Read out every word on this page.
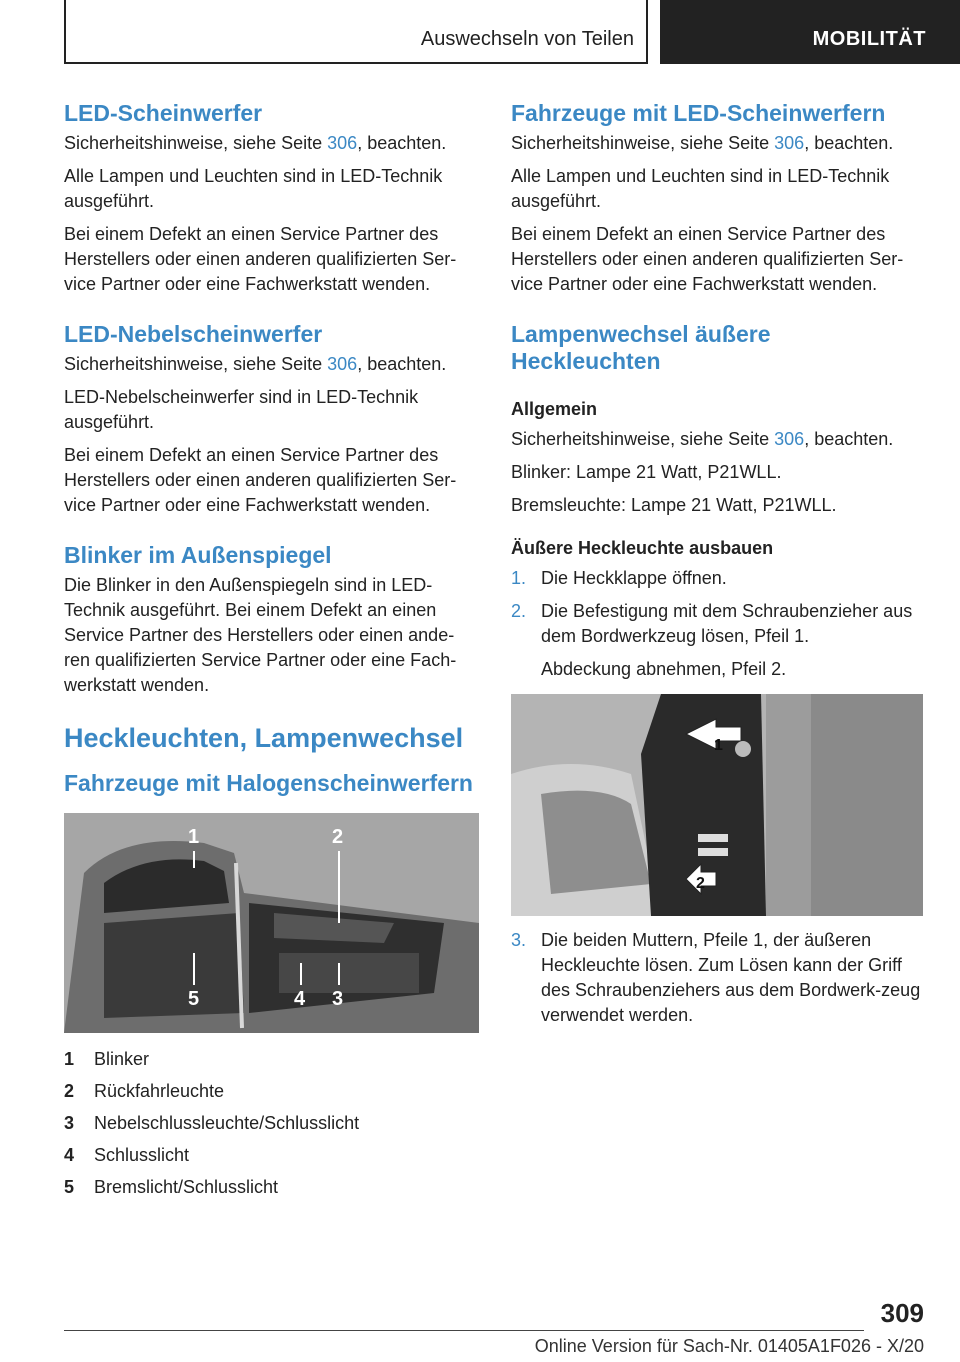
Auswechseln von Teilen	MOBILITÄT
LED-Scheinwerfer

Sicherheitshinweise, siehe Seite 306, beachten.

Alle Lampen und Leuchten sind in LED-Technik ausgeführt.

Bei einem Defekt an einen Service Partner des Herstellers oder einen anderen qualifizierten Ser-vice Partner oder eine Fachwerkstatt wenden.

LED-Nebelscheinwerfer

Sicherheitshinweise, siehe Seite 306, beachten.

LED-Nebelscheinwerfer sind in LED-Technik ausgeführt.

Bei einem Defekt an einen Service Partner des Herstellers oder einen anderen qualifizierten Ser-vice Partner oder eine Fachwerkstatt wenden.

Blinker im Außenspiegel

Die Blinker in den Außenspiegeln sind in LED-Technik ausgeführt. Bei einem Defekt an einen Service Partner des Herstellers oder einen ande-ren qualifizierten Service Partner oder eine Fach-werkstatt wenden.

Heckleuchten, Lampenwechsel
Fahrzeuge mit Halogenscheinwerfern
1	2
3
4
5
1	Blinker
2	Rückfahrleuchte
3	Nebelschlussleuchte/Schlusslicht
4	Schlusslicht
5	Bremslicht/Schlusslicht
Fahrzeuge mit LED-Scheinwerfern

Sicherheitshinweise, siehe Seite 306, beachten.

Alle Lampen und Leuchten sind in LED-Technik ausgeführt.

Bei einem Defekt an einen Service Partner des Herstellers oder einen anderen qualifizierten Ser-vice Partner oder eine Fachwerkstatt wenden.

Lampenwechsel äußere Heckleuchten
Allgemein

Sicherheitshinweise, siehe Seite 306, beachten.

Blinker: Lampe 21 Watt, P21WLL.

Bremsleuchte: Lampe 21 Watt, P21WLL.

Äußere Heckleuchte ausbauen
1. Die Heckklappe öffnen.
2. Die Befestigung mit dem Schraubenzieher aus dem Bordwerkzeug lösen, Pfeil 1.
Abdeckung abnehmen, Pfeil 2.
1
2
3. Die beiden Muttern, Pfeile 1, der äußeren Heckleuchte lösen. Zum Lösen kann der Griff des Schraubenziehers aus dem Bordwerk-zeug verwendet werden.
309
Online Version für Sach-Nr. 01405A1F026 - X/20
